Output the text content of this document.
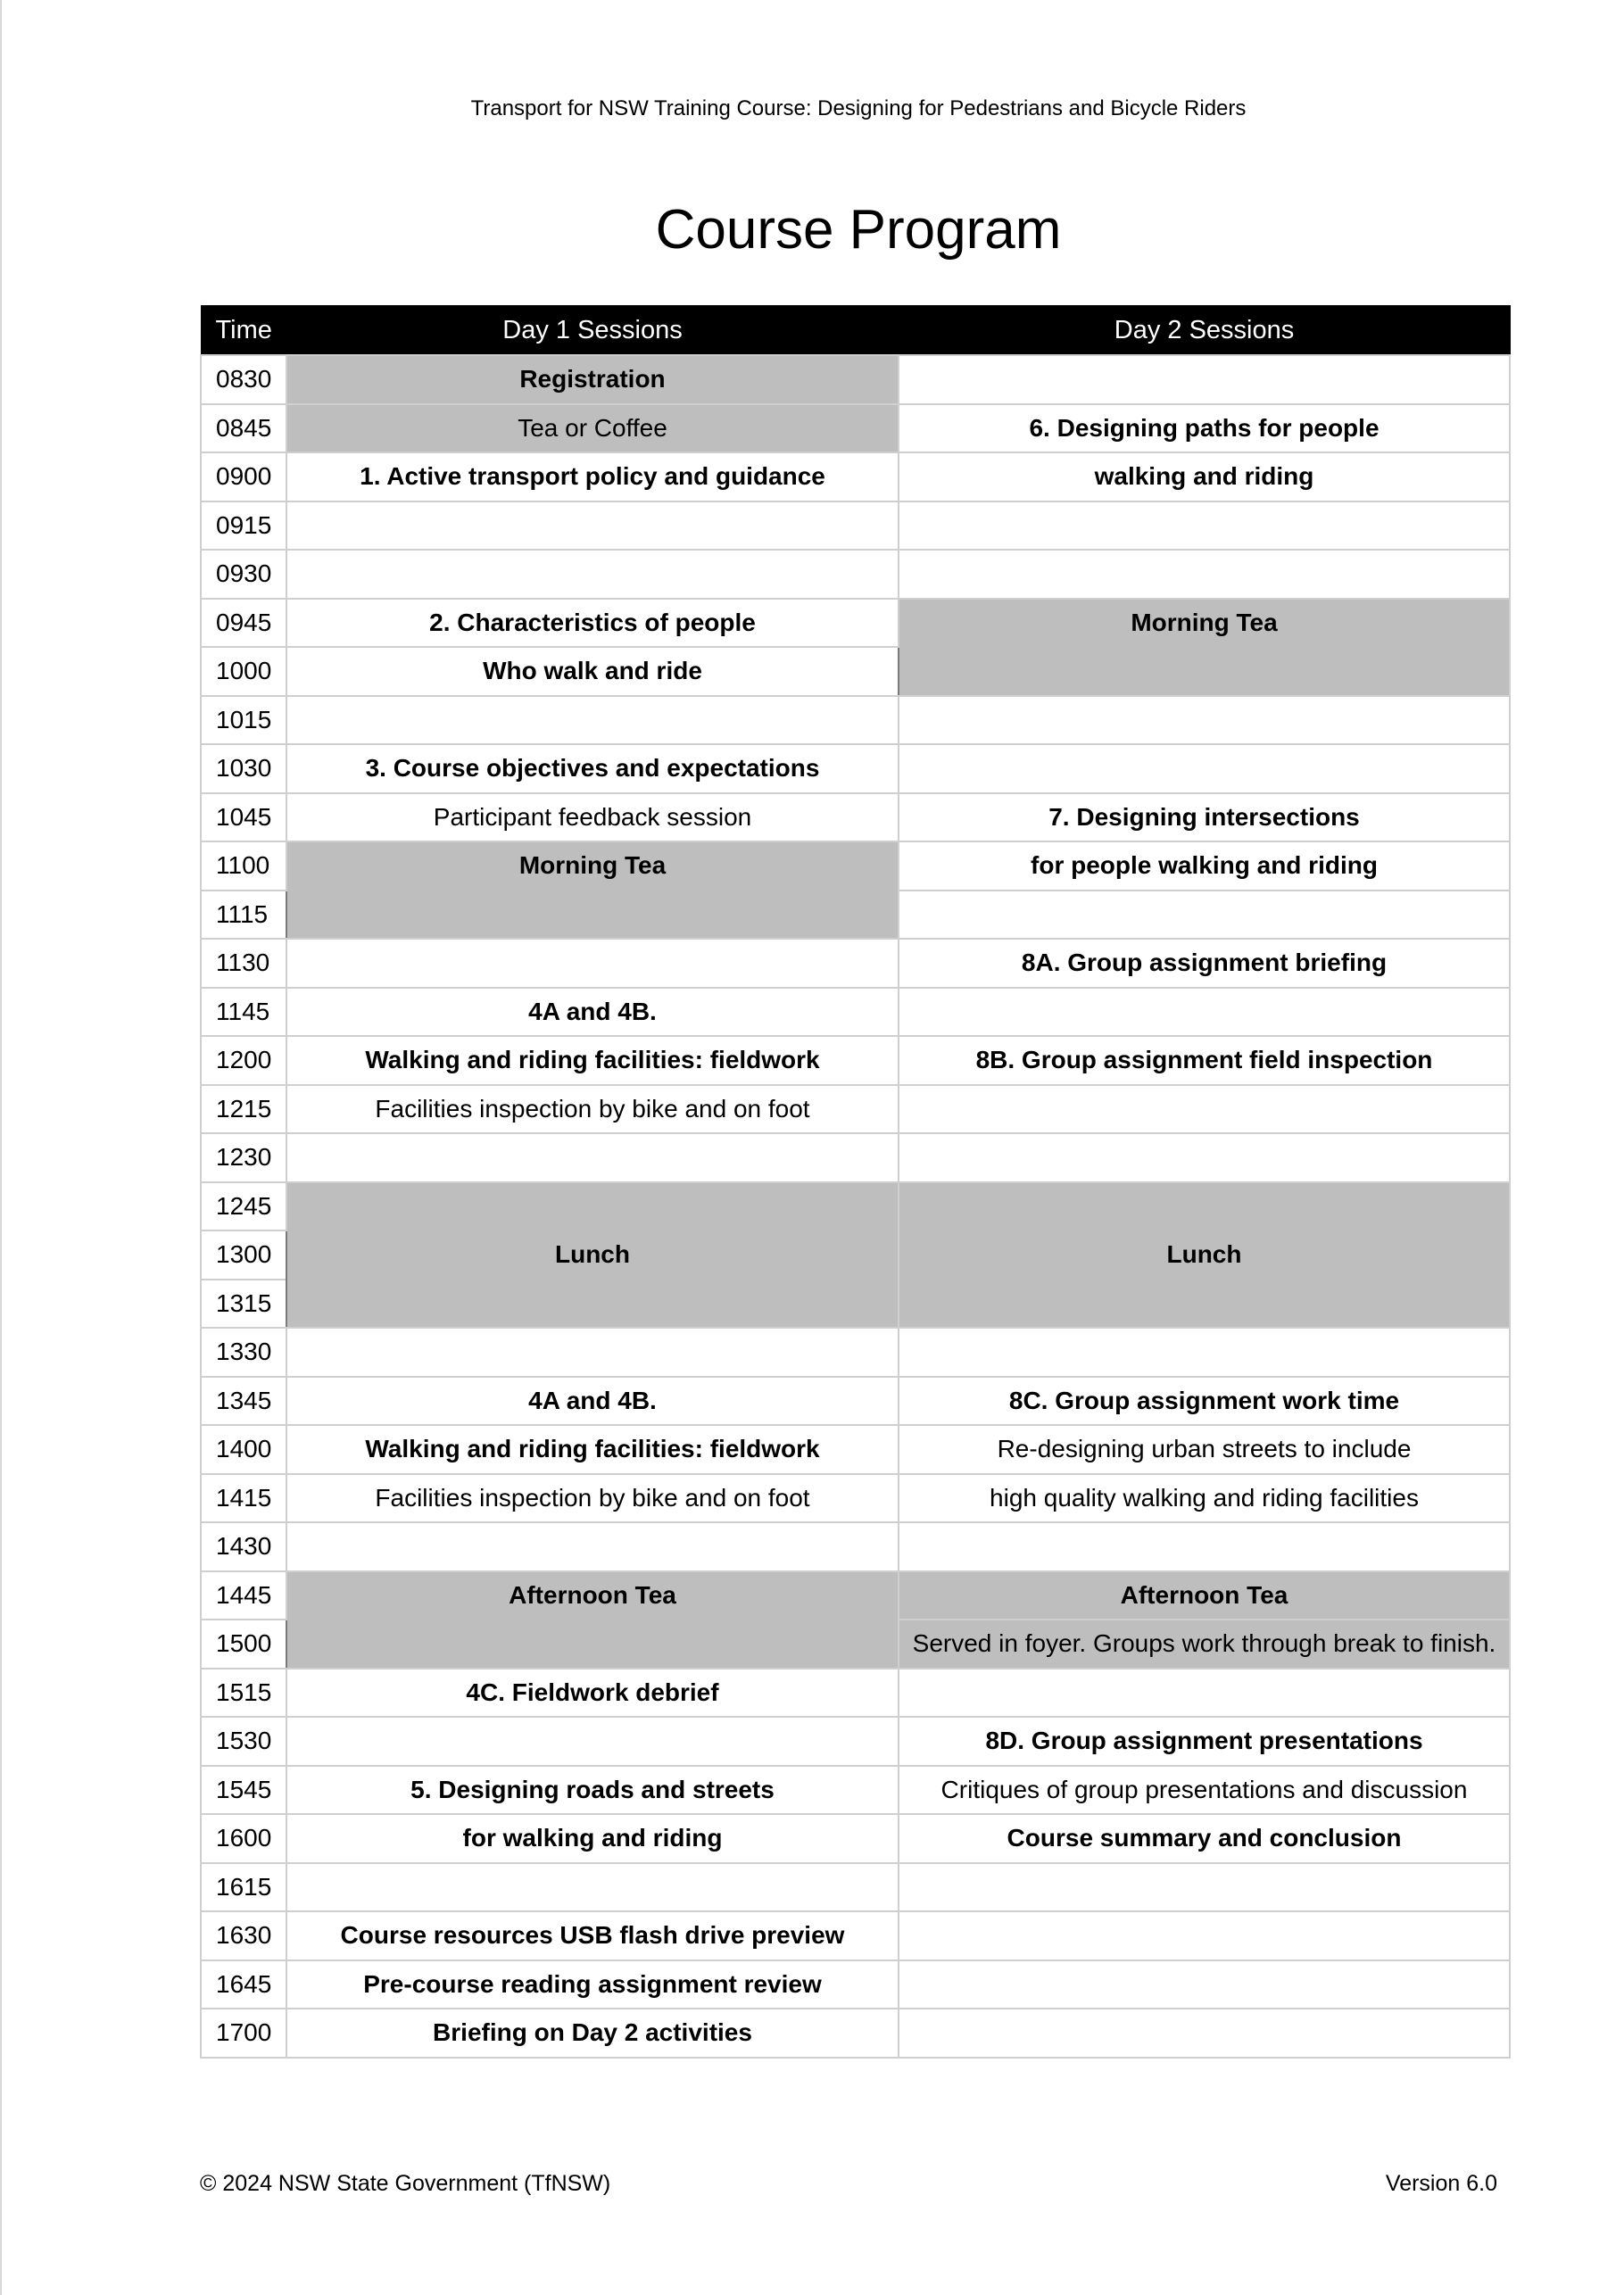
Transport for NSW Training Course: Designing for Pedestrians and Bicycle Riders
Course Program
Time	Day 1 Sessions	Day 2 Sessions
0830	Registration	
0845	Tea or Coffee	6. Designing paths for people
0900	1. Active transport policy and guidance	walking and riding
0915		
0930		
0945	2. Characteristics of people	Morning Tea
1000	Who walk and ride	
1015		
1030	3. Course objectives and expectations	
1045	Participant feedback session	7. Designing intersections
1100	Morning Tea	for people walking and riding
1115		
1130		8A. Group assignment briefing
1145	4A and 4B.	
1200	Walking and riding facilities: fieldwork	8B. Group assignment field inspection
1215	Facilities inspection by bike and on foot	
1230		
1245	Lunch	Lunch
1300		
1315		
1330		
1345	4A and 4B.	8C. Group assignment work time
1400	Walking and riding facilities: fieldwork	Re-designing urban streets to include
1415	Facilities inspection by bike and on foot	high quality walking and riding facilities
1430		
1445	Afternoon Tea	Afternoon Tea
1500		Served in foyer. Groups work through break to finish.
1515	4C. Fieldwork debrief	
1530		8D. Group assignment presentations
1545	5. Designing roads and streets	Critiques of group presentations and discussion
1600	for walking and riding	Course summary and conclusion
1615		
1630	Course resources USB flash drive preview	
1645	Pre-course reading assignment review	
1700	Briefing on Day 2 activities	
© 2024 NSW State Government (TfNSW)	Version 6.0
